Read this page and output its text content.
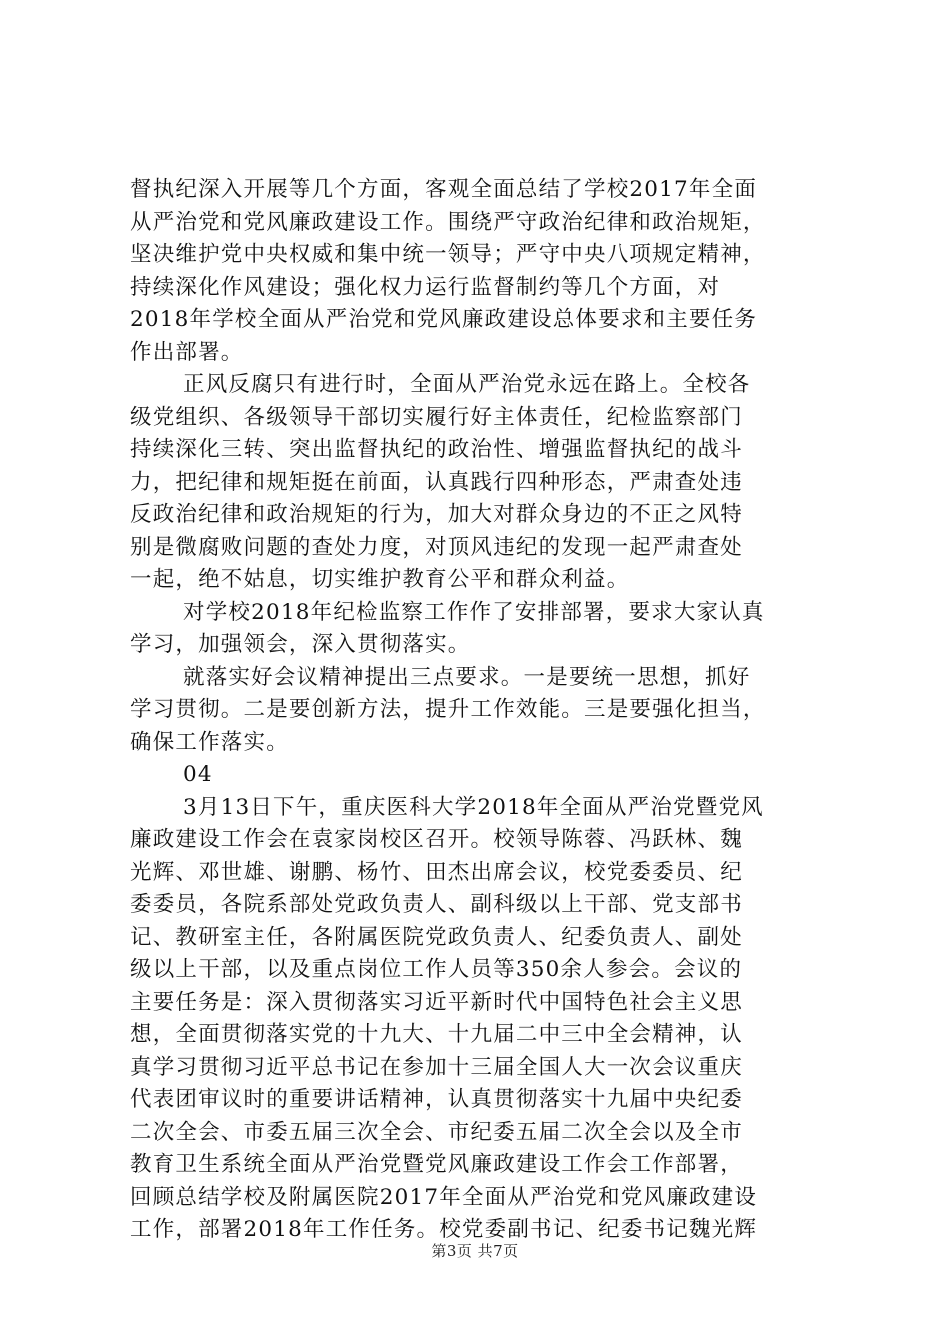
督执纪深入开展等几个方面，客观全面总结了学校2017年全面
从严治党和党风廉政建设工作。围绕严守政治纪律和政治规矩，
坚决维护党中央权威和集中统一领导；严守中央八项规定精神，
持续深化作风建设；强化权力运行监督制约等几个方面，对
2018年学校全面从严治党和党风廉政建设总体要求和主要任务
作出部署。
正风反腐只有进行时，全面从严治党永远在路上。全校各
级党组织、各级领导干部切实履行好主体责任，纪检监察部门
持续深化三转、突出监督执纪的政治性、增强监督执纪的战斗
力，把纪律和规矩挺在前面，认真践行四种形态，严肃查处违
反政治纪律和政治规矩的行为，加大对群众身边的不正之风特
别是微腐败问题的查处力度，对顶风违纪的发现一起严肃查处
一起，绝不姑息，切实维护教育公平和群众利益。
对学校2018年纪检监察工作作了安排部署，要求大家认真
学习，加强领会，深入贯彻落实。
就落实好会议精神提出三点要求。一是要统一思想，抓好
学习贯彻。二是要创新方法，提升工作效能。三是要强化担当，
确保工作落实。
04
3月13日下午，重庆医科大学2018年全面从严治党暨党风
廉政建设工作会在袁家岗校区召开。校领导陈蓉、冯跃林、魏
光辉、邓世雄、谢鹏、杨竹、田杰出席会议，校党委委员、纪
委委员，各院系部处党政负责人、副科级以上干部、党支部书
记、教研室主任，各附属医院党政负责人、纪委负责人、副处
级以上干部，以及重点岗位工作人员等350余人参会。会议的
主要任务是：深入贯彻落实习近平新时代中国特色社会主义思
想，全面贯彻落实党的十九大、十九届二中三中全会精神，认
真学习贯彻习近平总书记在参加十三届全国人大一次会议重庆
代表团审议时的重要讲话精神，认真贯彻落实十九届中央纪委
二次全会、市委五届三次全会、市纪委五届二次全会以及全市
教育卫生系统全面从严治党暨党风廉政建设工作会工作部署，
回顾总结学校及附属医院2017年全面从严治党和党风廉政建设
工作，部署2018年工作任务。校党委副书记、纪委书记魏光辉
第3页 共7页
